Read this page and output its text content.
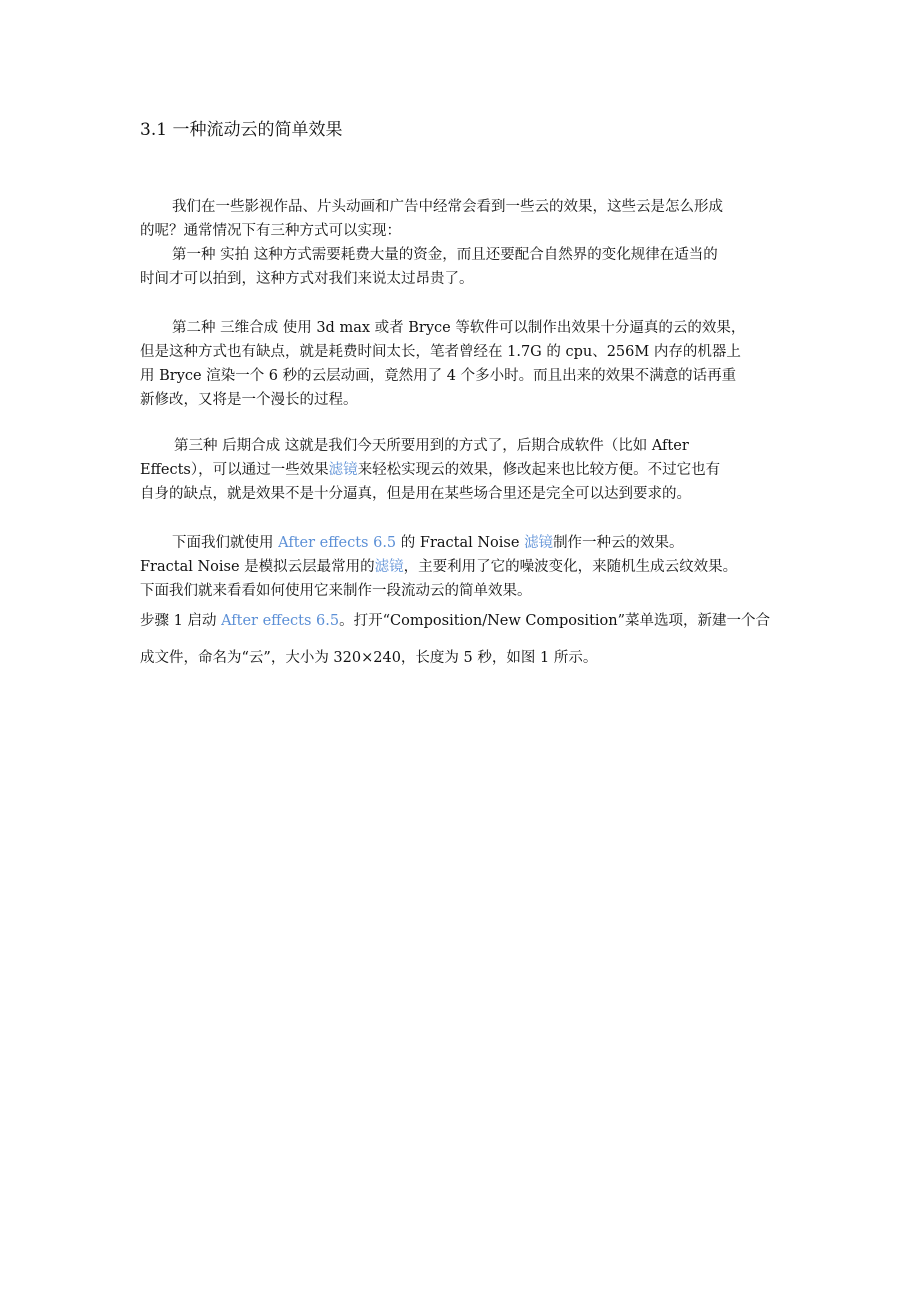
3.1 一种流动云的简单效果
我们在一些影视作品、片头动画和广告中经常会看到一些云的效果，这些云是怎么形成
的呢？通常情况下有三种方式可以实现：
第一种 实拍 这种方式需要耗费大量的资金，而且还要配合自然界的变化规律在适当的
时间才可以拍到，这种方式对我们来说太过昂贵了。
第二种 三维合成 使用 3d max 或者 Bryce 等软件可以制作出效果十分逼真的云的效果，
但是这种方式也有缺点，就是耗费时间太长，笔者曾经在 1.7G 的 cpu、256M 内存的机器上
用 Bryce 渲染一个 6 秒的云层动画，竟然用了 4 个多小时。而且出来的效果不满意的话再重
新修改，又将是一个漫长的过程。
第三种 后期合成 这就是我们今天所要用到的方式了，后期合成软件（比如 After
Effects），可以通过一些效果滤镜来轻松实现云的效果，修改起来也比较方便。不过它也有
自身的缺点，就是效果不是十分逼真，但是用在某些场合里还是完全可以达到要求的。
下面我们就使用 After effects 6.5 的 Fractal Noise 滤镜制作一种云的效果。
Fractal Noise 是模拟云层最常用的滤镜，主要利用了它的噪波变化，来随机生成云纹效果。
下面我们就来看看如何使用它来制作一段流动云的简单效果。
步骤 1 启动 After effects 6.5。打开“Composition/New Composition”菜单选项，新建一个合
成文件，命名为“云”，大小为 320×240，长度为 5 秒，如图 1 所示。
